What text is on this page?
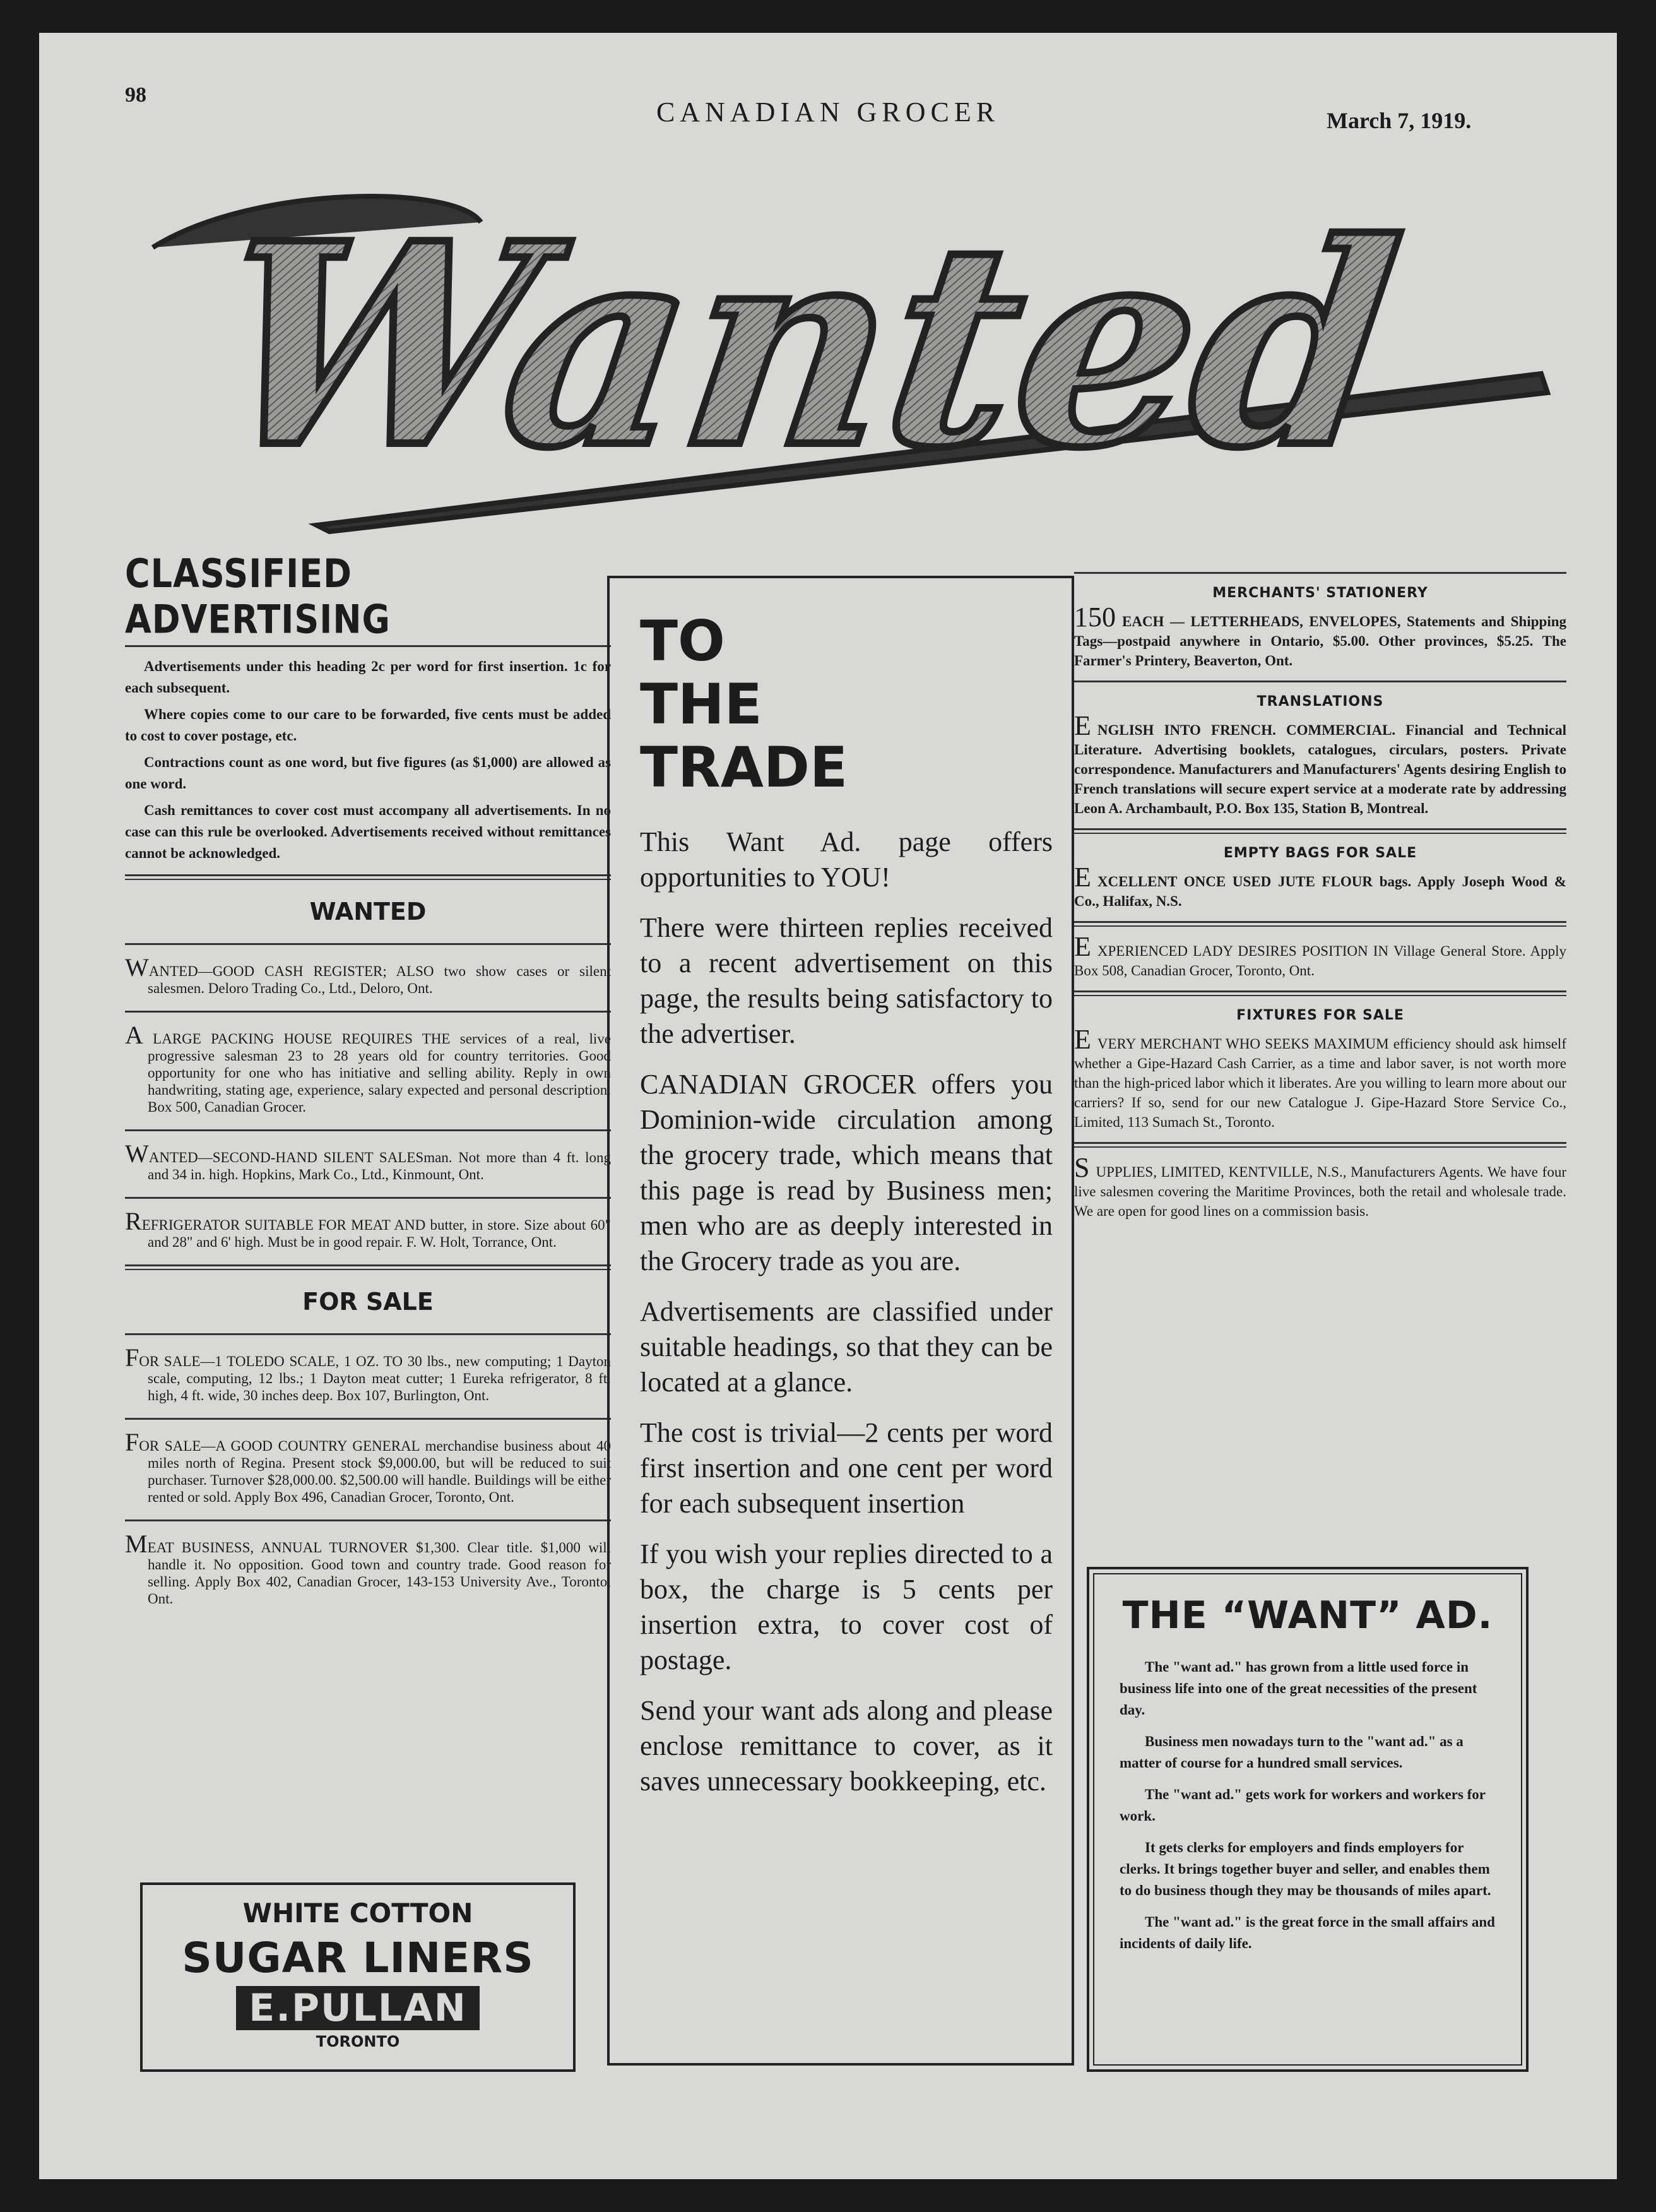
98
CANADIAN GROCER	March 7, 1919.
Wanted
CLASSIFIED ADVERTISING

Advertisements under this heading 2c per word for first insertion. 1c for each subsequent.

Where copies come to our care to be forwarded, five cents must be added to cost to cover postage, etc.

Contractions count as one word, but five figures (as $1,000) are allowed as one word.

Cash remittances to cover cost must accompany all advertisements. In no case can this rule be overlooked. Advertisements received without remittances cannot be acknowledged.

WANTED
WANTED—GOOD CASH REGISTER; ALSO two show cases or silent salesmen. Deloro Trading Co., Ltd., Deloro, Ont.
A LARGE PACKING HOUSE REQUIRES THE services of a real, live progressive salesman 23 to 28 years old for country territories. Good opportunity for one who has initiative and selling ability. Reply in own handwriting, stating age, experience, salary expected and personal description. Box 500, Canadian Grocer.
WANTED—SECOND-HAND SILENT SALESman. Not more than 4 ft. long and 34 in. high. Hopkins, Mark Co., Ltd., Kinmount, Ont.
REFRIGERATOR SUITABLE FOR MEAT AND butter, in store. Size about 60" and 28" and 6' high. Must be in good repair. F. W. Holt, Torrance, Ont.
FOR SALE
FOR SALE—1 TOLEDO SCALE, 1 OZ. TO 30 lbs., new computing; 1 Dayton scale, computing, 12 lbs.; 1 Dayton meat cutter; 1 Eureka refrigerator, 8 ft. high, 4 ft. wide, 30 inches deep. Box 107, Burlington, Ont.
FOR SALE—A GOOD COUNTRY GENERAL merchandise business about 40 miles north of Regina. Present stock $9,000.00, but will be reduced to suit purchaser. Turnover $28,000.00. $2,500.00 will handle. Buildings will be either rented or sold. Apply Box 496, Canadian Grocer, Toronto, Ont.
MEAT BUSINESS, ANNUAL TURNOVER $1,300. Clear title. $1,000 will handle it. No opposition. Good town and country trade. Good reason for selling. Apply Box 402, Canadian Grocer, 143-153 University Ave., Toronto, Ont.
WHITE COTTON
SUGAR LINERS
E.PULLAN
TORONTO
TO
THE
TRADE

This Want Ad. page offers opportunities to YOU!

There were thirteen replies received to a recent advertisement on this page, the results being satisfactory to the advertiser.

CANADIAN GROCER offers you Dominion-wide circulation among the grocery trade, which means that this page is read by Business men; men who are as deeply interested in the Grocery trade as you are.

Advertisements are classified under suitable headings, so that they can be located at a glance.

The cost is trivial—2 cents per word first insertion and one cent per word for each subsequent insertion

If you wish your replies directed to a box, the charge is 5 cents per insertion extra, to cover cost of postage.

Send your want ads along and please enclose remittance to cover, as it saves unnecessary bookkeeping, etc.

MERCHANTS' STATIONERY
150 EACH — LETTERHEADS, ENVELOPES, Statements and Shipping Tags—postpaid anywhere in Ontario, $5.00. Other provinces, $5.25. The Farmer's Printery, Beaverton, Ont.
TRANSLATIONS
ENGLISH INTO FRENCH. COMMERCIAL. Financial and Technical Literature. Advertising booklets, catalogues, circulars, posters. Private correspondence. Manufacturers and Manufacturers' Agents desiring English to French translations will secure expert service at a moderate rate by addressing Leon A. Archambault, P.O. Box 135, Station B, Montreal.
EMPTY BAGS FOR SALE
EXCELLENT ONCE USED JUTE FLOUR bags. Apply Joseph Wood & Co., Halifax, N.S.
EXPERIENCED LADY DESIRES POSITION IN Village General Store. Apply Box 508, Canadian Grocer, Toronto, Ont.
FIXTURES FOR SALE
EVERY MERCHANT WHO SEEKS MAXIMUM efficiency should ask himself whether a Gipe-Hazard Cash Carrier, as a time and labor saver, is not worth more than the high-priced labor which it liberates. Are you willing to learn more about our carriers? If so, send for our new Catalogue J. Gipe-Hazard Store Service Co., Limited, 113 Sumach St., Toronto.
SUPPLIES, LIMITED, KENTVILLE, N.S., Manufacturers Agents. We have four live salesmen covering the Maritime Provinces, both the retail and wholesale trade. We are open for good lines on a commission basis.
THE “WANT” AD.

The "want ad." has grown from a little used force in business life into one of the great necessities of the present day.

Business men nowadays turn to the "want ad." as a matter of course for a hundred small services.

The "want ad." gets work for workers and workers for work.

It gets clerks for employers and finds employers for clerks. It brings together buyer and seller, and enables them to do business though they may be thousands of miles apart.

The "want ad." is the great force in the small affairs and incidents of daily life.
